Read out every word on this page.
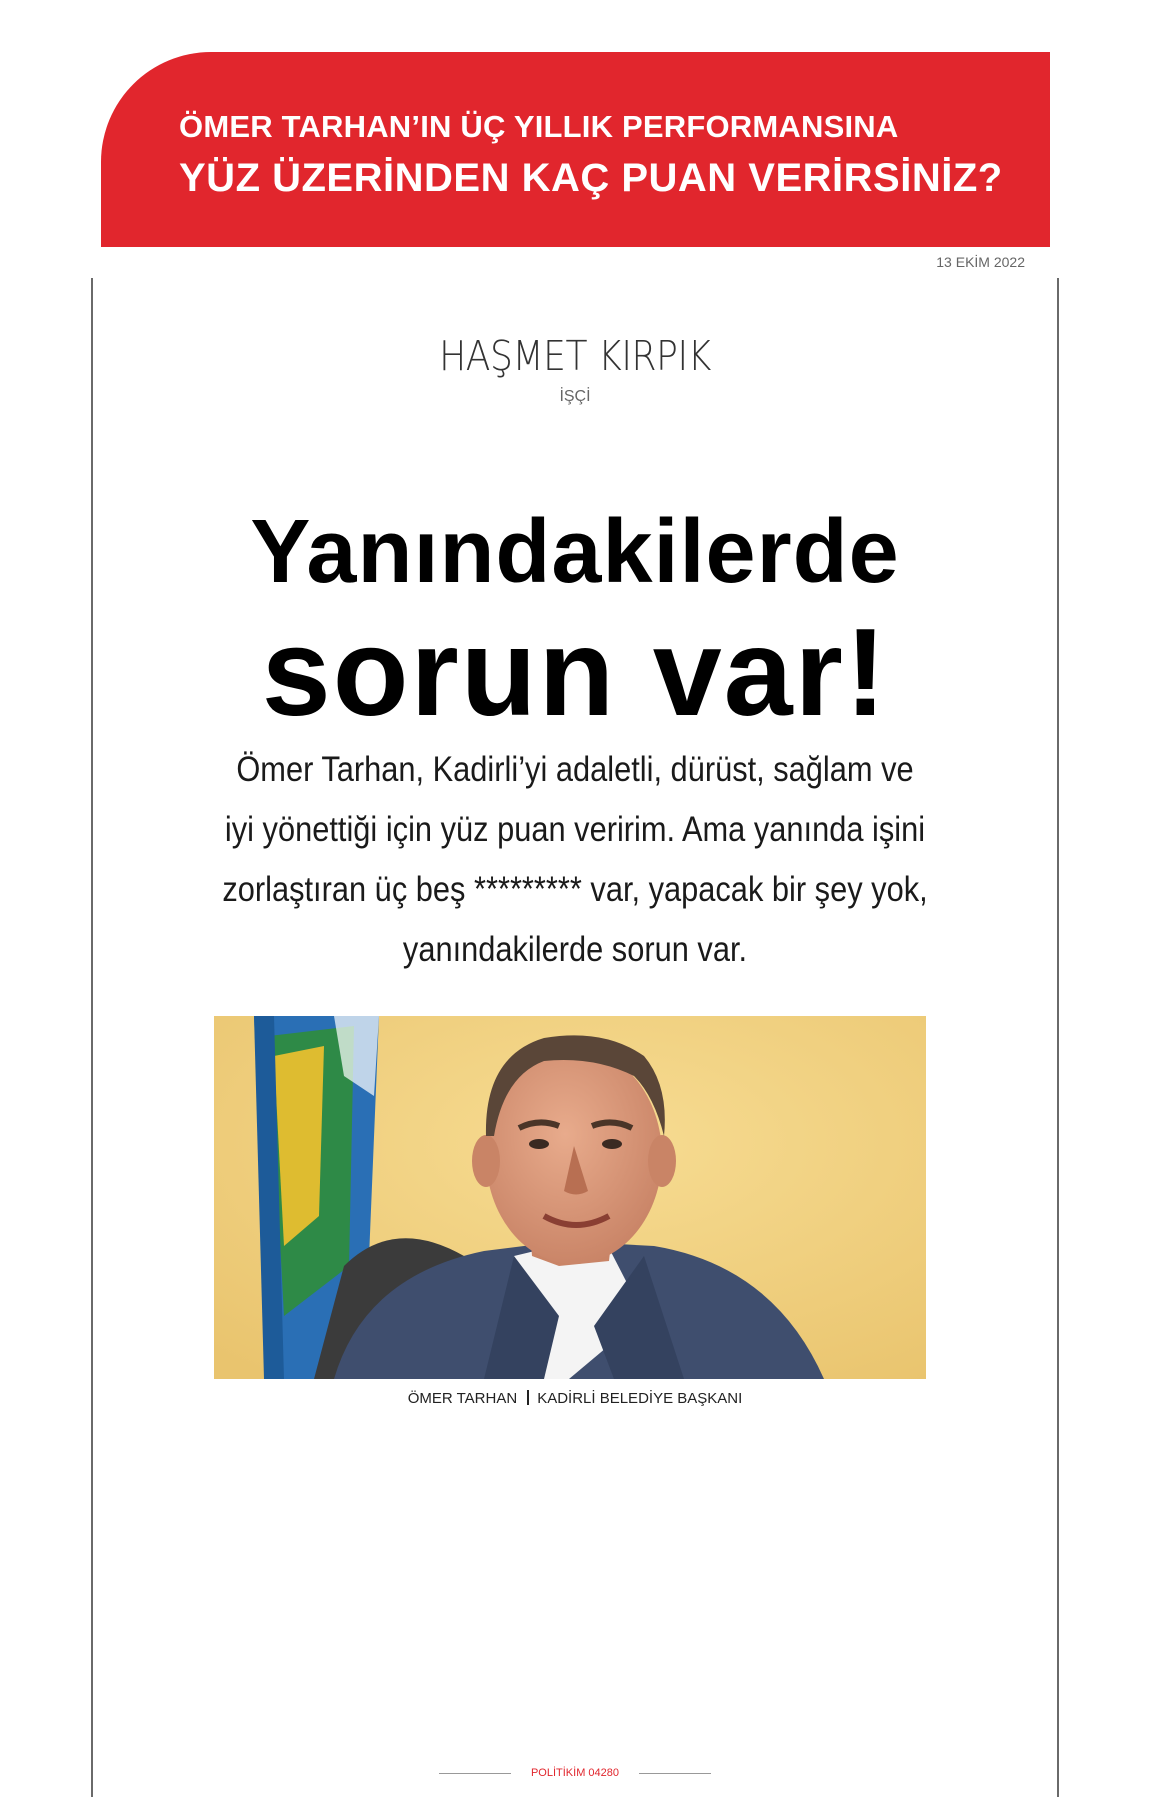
ÖMER TARHAN’IN ÜÇ YILLIK PERFORMANSINA
YÜZ ÜZERİNDEN KAÇ PUAN VERİRSİNİZ?
13 EKİM 2022
HAŞMET KIRPIK
İŞÇİ
Yanındakilerde
sorun var!

Ömer Tarhan, Kadirli’yi adaletli, dürüst, sağlam ve

iyi yönettiği için yüz puan veririm. Ama yanında işini

zorlaştıran üç beş ********* var, yapacak bir şey yok,

yanındakilerde sorun var.

ÖMER TARHAN KADİRLİ BELEDİYE BAŞKANI
POLİTİKİM 04280
